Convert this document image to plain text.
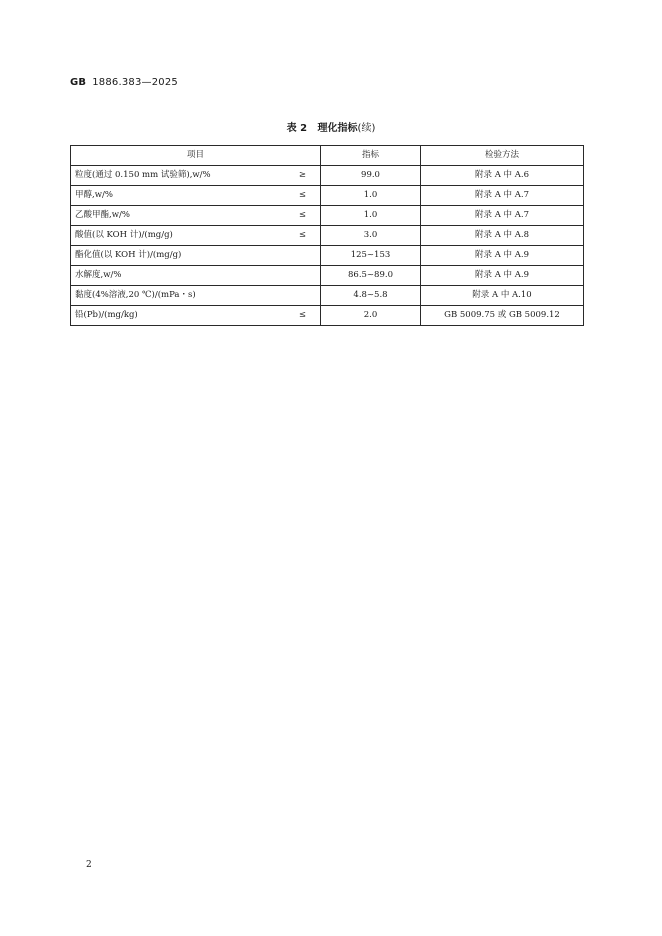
GB 1886.383—2025
表 2 理化指标(续)
项目	指标	检验方法
粒度(通过 0.150 mm 试验筛),w/% ≥	99.0	附录 A 中 A.6
甲醇,w/% ≤	1.0	附录 A 中 A.7
乙酸甲酯,w/% ≤	1.0	附录 A 中 A.7
酸值(以 KOH 计)/(mg/g) ≤	3.0	附录 A 中 A.8
酯化值(以 KOH 计)/(mg/g)	125~153	附录 A 中 A.9
水解度,w/%	86.5~89.0	附录 A 中 A.9
黏度(4%溶液,20 ℃)/(mPa・s)	4.8~5.8	附录 A 中 A.10
铅(Pb)/(mg/kg) ≤	2.0	GB 5009.75 或 GB 5009.12
2
